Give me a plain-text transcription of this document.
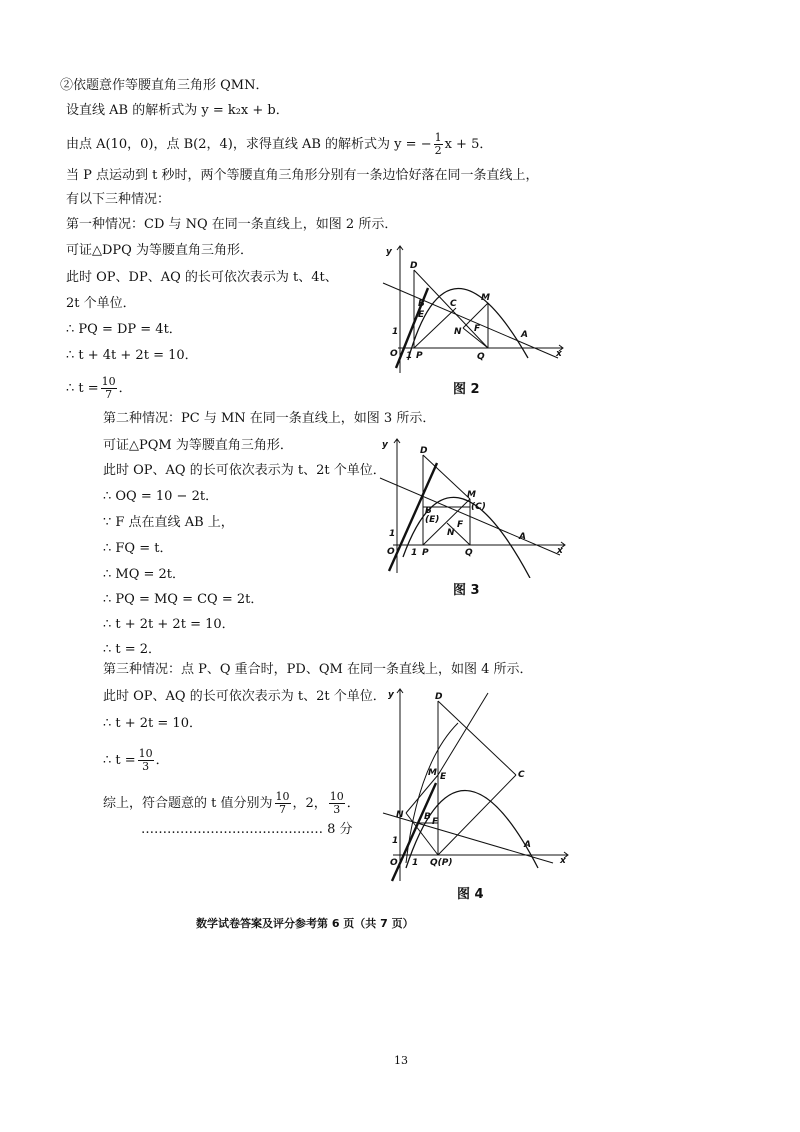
②依题意作等腰直角三角形 QMN．
设直线 AB 的解析式为 y = k₂x + b．
由点 A(10，0)，点 B(2，4)，求得直线 AB 的解析式为 y = − $\frac{1}{2}$ x + 5．
当 P 点运动到 t 秒时，两个等腰直角三角形分别有一条边恰好落在同一条直线上，
有以下三种情况：
第一种情况：CD 与 NQ 在同一条直线上，如图 2 所示．
可证△DPQ 为等腰直角三角形．
此时 OP、DP、AQ 的长可依次表示为 t、4t、
2t 个单位．
∴ PQ = DP = 4t．
∴ t + 4t + 2t = 10．
∴ $t = \frac{10}{7}$ ．
y
x
O
1
1
D
B
E
C
M
N F
P	Q
A
图 2
第二种情况：PC 与 MN 在同一条直线上，如图 3 所示．
可证△PQM 为等腰直角三角形．
此时 OP、AQ 的长可依次表示为 t、2t 个单位．
∴ OQ = 10 − 2t．
∵ F 点在直线 AB 上，
∴ FQ = t．
∴ MQ = 2t．
∴ PQ = MQ = CQ = 2t．
∴ t + 2t + 2t = 10．
∴ t = 2．
y
x
O
1
1
D
B
(E)
M
(C)
F
N
P	Q
A
图 3
第三种情况：点 P、Q 重合时，PD、QM 在同一条直线上，如图 4 所示．
此时 OP、AQ 的长可依次表示为 t、2t 个单位．
∴ t + 2t = 10．
∴ $t = \frac{10}{3}$ ．
综上，符合题意的 t 值分别为 $\frac{10}{7}$ ，2， $\frac{10}{3}$ ．
…………………………………… 8 分
y
x
O
1
1
D
M E	C
N B F
Q(P)
A
图 4
数学试卷答案及评分参考第 6 页（共 7 页）
13
